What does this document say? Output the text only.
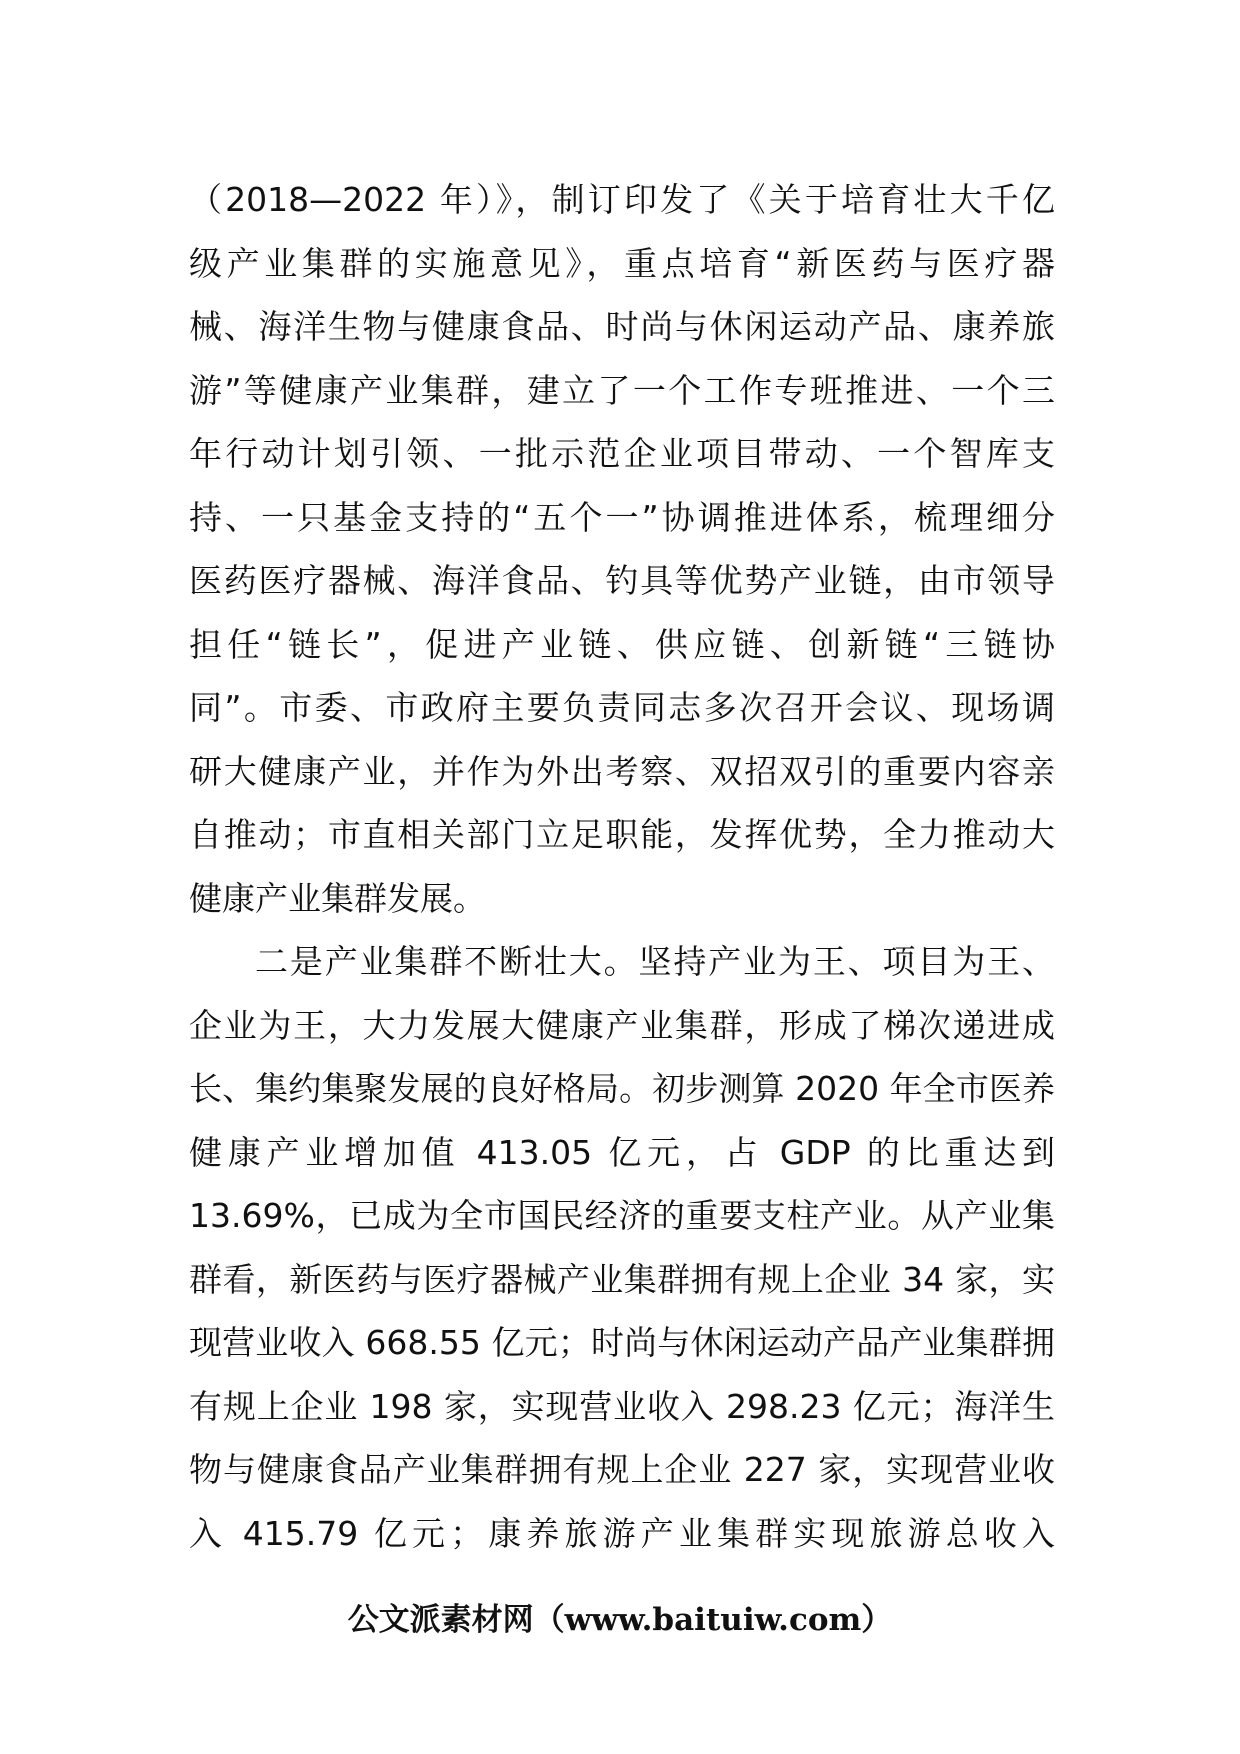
（2018—2022 年）》，制订印发了《关于培育壮大千亿
级产业集群的实施意见》，重点培育“新医药与医疗器
械、海洋生物与健康食品、时尚与休闲运动产品、康养旅
游”等健康产业集群，建立了一个工作专班推进、一个三
年行动计划引领、一批示范企业项目带动、一个智库支
持、一只基金支持的“五个一”协调推进体系，梳理细分
医药医疗器械、海洋食品、钓具等优势产业链，由市领导
担任“链长”，促进产业链、供应链、创新链“三链协
同”。市委、市政府主要负责同志多次召开会议、现场调
研大健康产业，并作为外出考察、双招双引的重要内容亲
自推动；市直相关部门立足职能，发挥优势，全力推动大
健康产业集群发展。
二是产业集群不断壮大。坚持产业为王、项目为王、
企业为王，大力发展大健康产业集群，形成了梯次递进成
长、集约集聚发展的良好格局。初步测算 2020 年全市医养
健康产业增加值 413.05 亿元，占 GDP 的比重达到
13.69%，已成为全市国民经济的重要支柱产业。从产业集
群看，新医药与医疗器械产业集群拥有规上企业 34 家，实
现营业收入 668.55 亿元；时尚与休闲运动产品产业集群拥
有规上企业 198 家，实现营业收入 298.23 亿元；海洋生
物与健康食品产业集群拥有规上企业 227 家，实现营业收
入 415.79 亿元；康养旅游产业集群实现旅游总收入
公文派素材网（www.baituiw.com）
